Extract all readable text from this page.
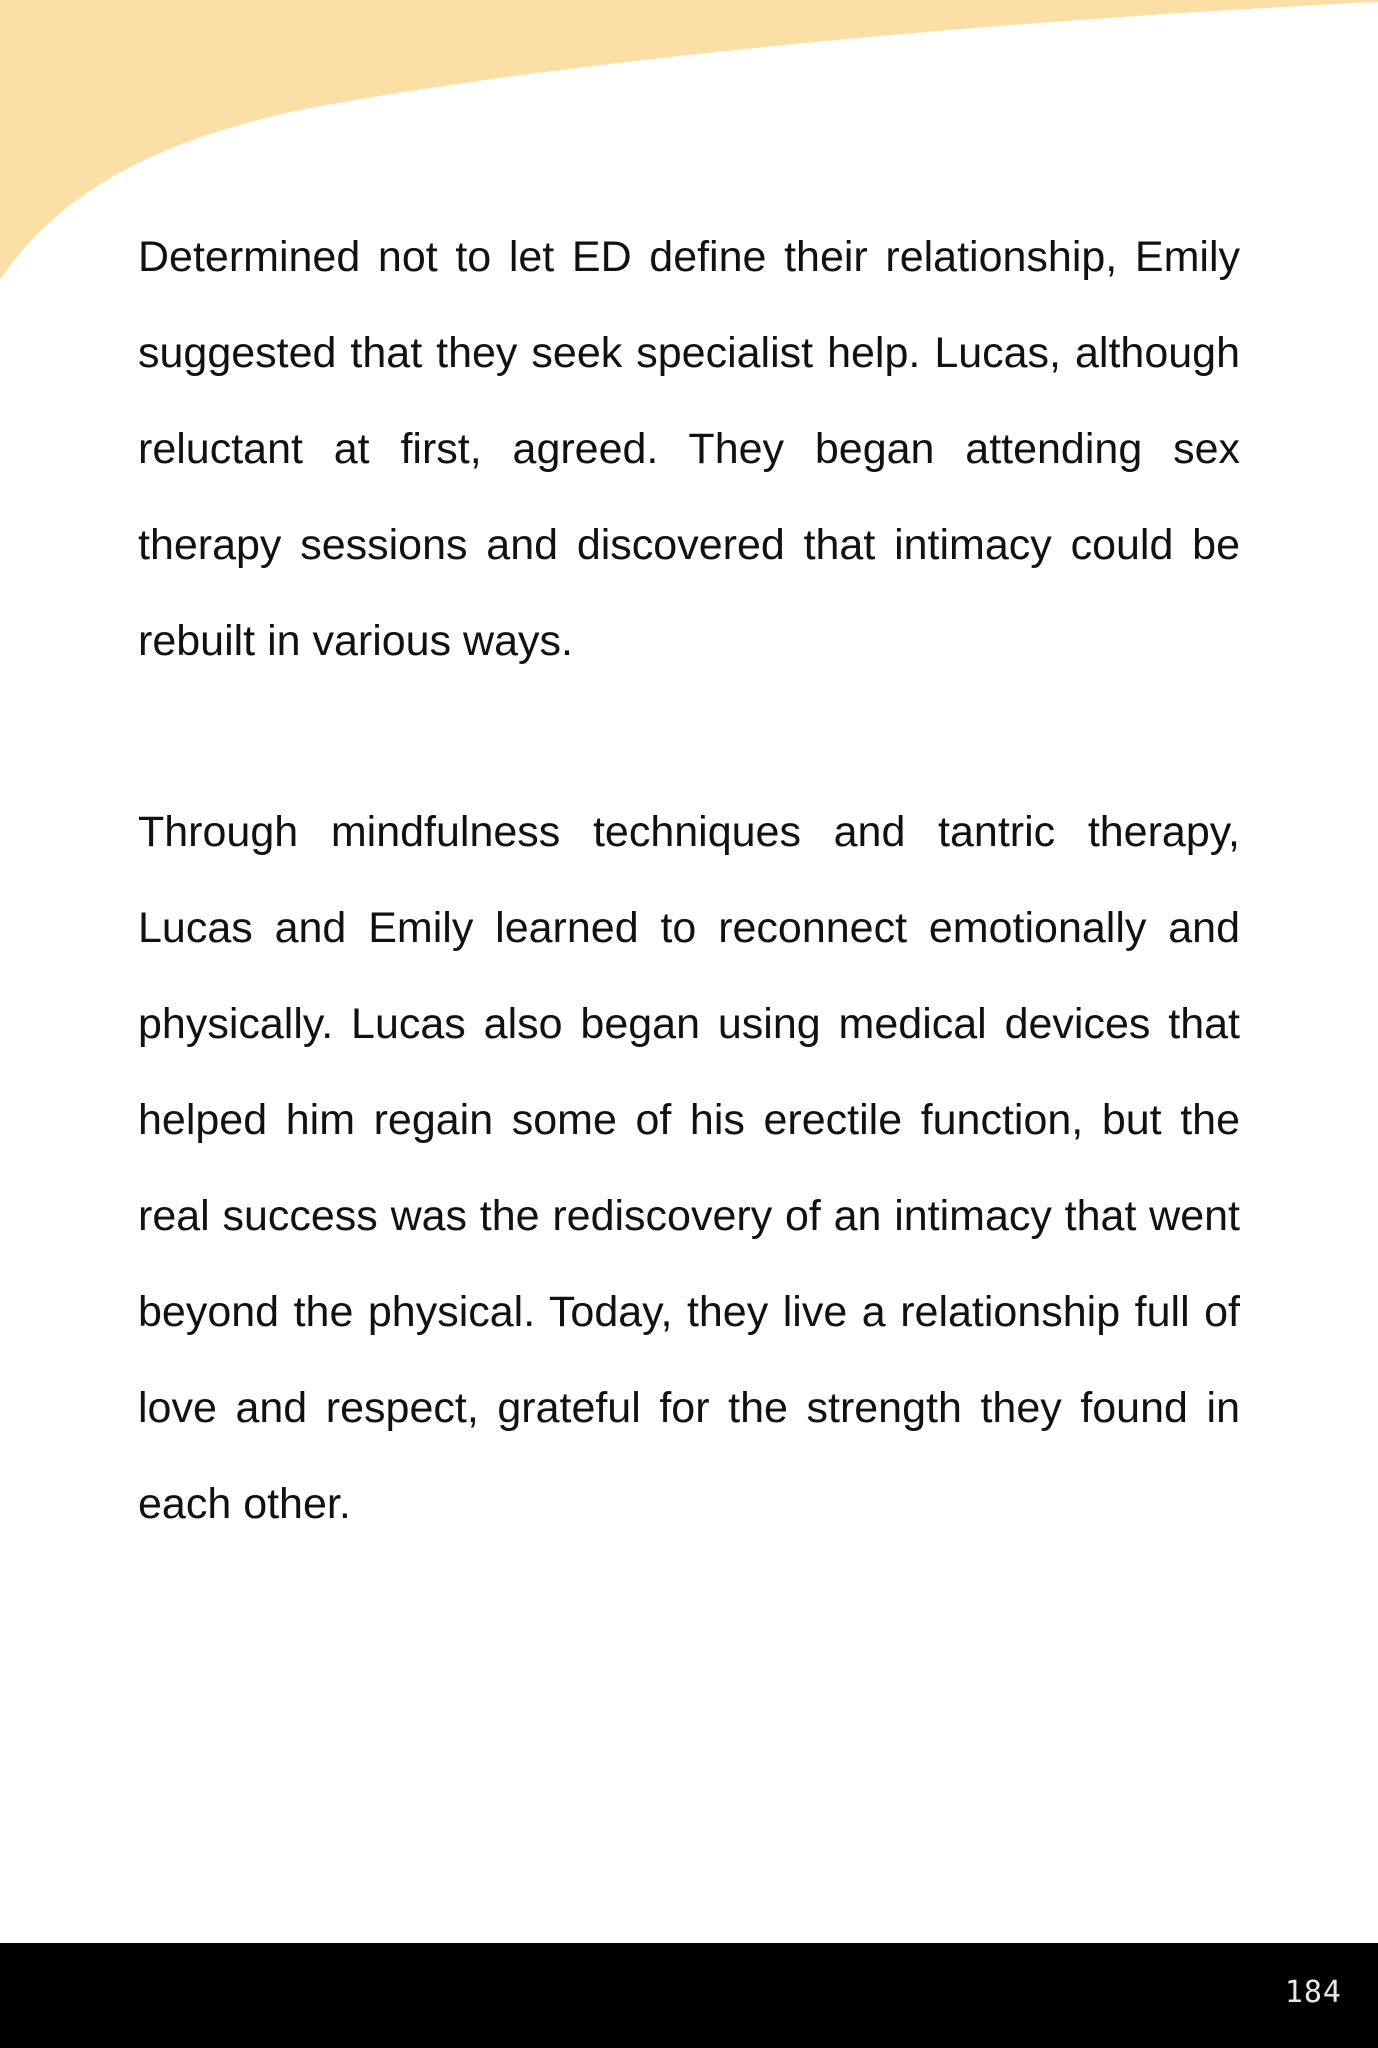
Determined not to let ED define their relationship, Emily suggested that they seek specialist help. Lucas, although reluctant at first, agreed. They began attending sex therapy sessions and discovered that intimacy could be rebuilt in various ways.

Through mindfulness techniques and tantric therapy, Lucas and Emily learned to reconnect emotionally and physically. Lucas also began using medical devices that helped him regain some of his erectile function, but the real success was the rediscovery of an intimacy that went beyond the physical. Today, they live a relationship full of love and respect, grateful for the strength they found in each other.

184
